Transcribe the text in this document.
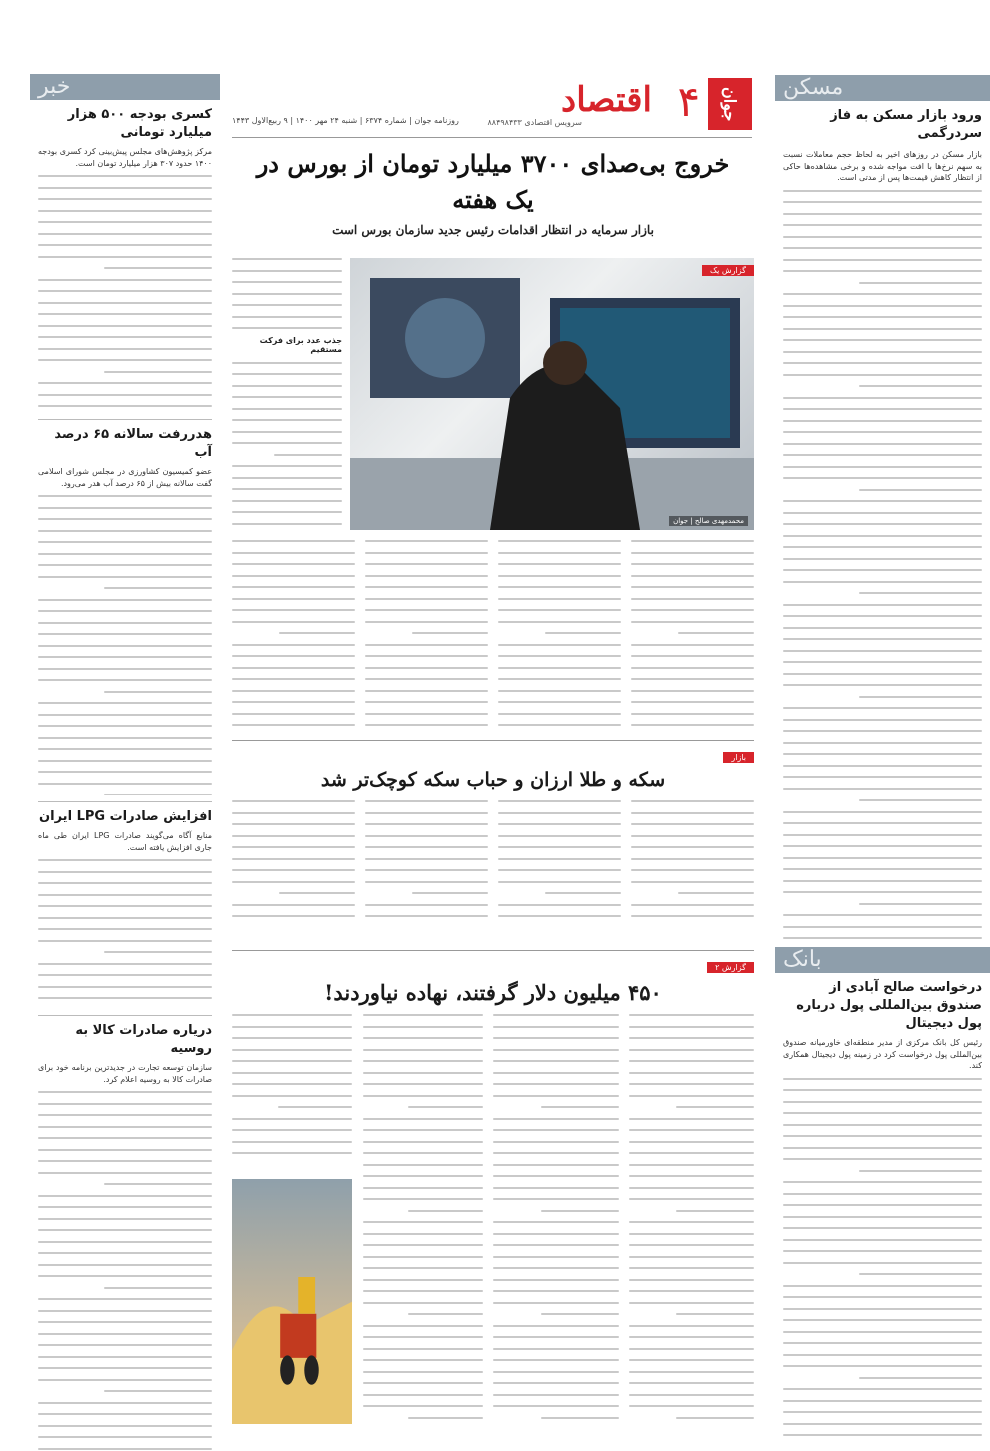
مسکن
ورود بازار مسکن به فاز سردرگمی
بازار مسکن در روزهای اخیر به لحاظ حجم معاملات نسبت به سهم نرخ‌ها با افت مواجه شده و برخی مشاهده‌ها حاکی از انتظار کاهش قیمت‌ها پس از مدتی است.
بانک
درخواست صالح آبادی از صندوق بین‌المللی پول درباره پول دیجیتال
رئیس کل بانک مرکزی از مدیر منطقه‌ای خاورمیانه صندوق بین‌المللی پول درخواست کرد در زمینه پول دیجیتال همکاری کند.
خبر
کسری بودجه ۵۰۰ هزار میلیارد تومانی
مرکز پژوهش‌های مجلس پیش‌بینی کرد کسری بودجه ۱۴۰۰ حدود ۳۰۷ هزار میلیارد تومان است.
هدررفت سالانه ۶۵ درصد آب
عضو کمیسیون کشاورزی در مجلس شورای اسلامی گفت سالانه بیش از ۶۵ درصد آب هدر می‌رود.
افزایش صادرات LPG ایران
منابع آگاه می‌گویند صادرات LPG ایران طی ماه جاری افزایش یافته است.
دریاره صادرات کالا به روسیه
سازمان توسعه تجارت در جدیدترین برنامه خود برای صادرات کالا به روسیه اعلام کرد.
جوان
۴
اقتصاد
سرویس اقتصادی ۸۸۴۹۸۴۳۳
روزنامه جوان | شماره ۶۳۷۴ | شنبه ۲۴ مهر ۱۴۰۰ | ۹ ربیع‌الاول ۱۴۴۳
خروج بی‌صدای ۳۷۰۰ میلیارد تومان از بورس در یک هفته
بازار سرمایه در انتظار اقدامات رئیس جدید سازمان بورس است
گزارش یک
محمدمهدی صالح | جوان
جذب عدد برای فرکت مستقیم
بازار
سکه و طلا ارزان و حباب سکه کوچک‌تر شد
گزارش ۲
۴۵۰ میلیون دلار گرفتند، نهاده نیاوردند!
